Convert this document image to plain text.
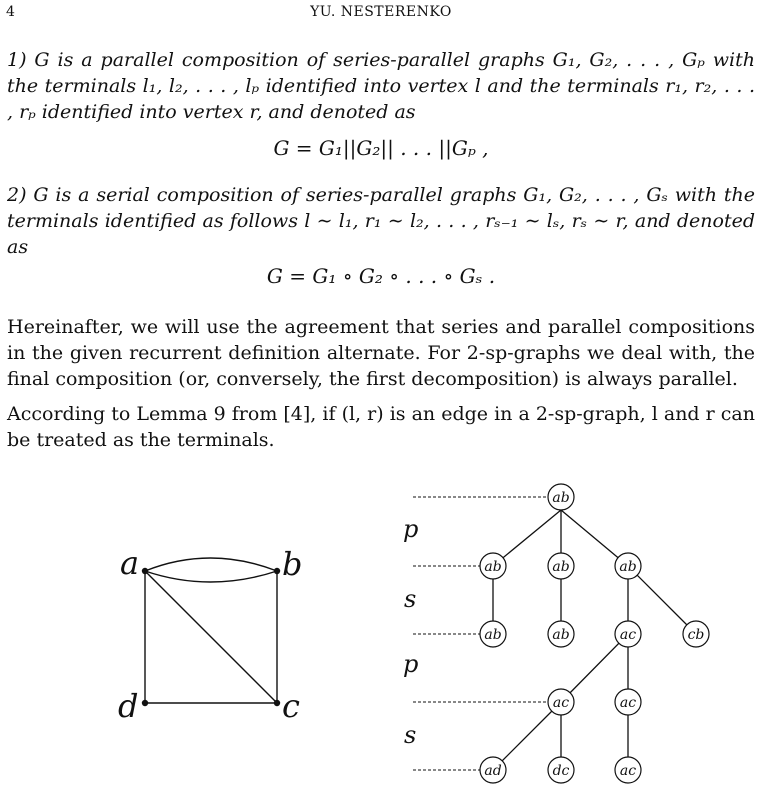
4	YU. NESTERENKO
1) G is a parallel composition of series-parallel graphs G₁, G₂, . . . , Gₚ with the terminals l₁, l₂, . . . , lₚ identified into vertex l and the terminals r₁, r₂, . . . , rₚ identified into vertex r, and denoted as
G = G₁||G₂|| . . . ||Gₚ ,
2) G is a serial composition of series-parallel graphs G₁, G₂, . . . , Gₛ with the terminals identified as follows l ∼ l₁, r₁ ∼ l₂, . . . , rₛ₋₁ ∼ lₛ, rₛ ∼ r, and denoted as
G = G₁ ∘ G₂ ∘ . . . ∘ Gₛ .
Hereinafter, we will use the agreement that series and parallel compositions in the given recurrent definition alternate. For 2-sp-graphs we deal with, the final composition (or, conversely, the first decomposition) is always parallel.
According to Lemma 9 from [4], if (l, r) is an edge in a 2-sp-graph, l and r can be treated as the terminals.
a	b
c
d
p
s
p
s
ab
ab	ab	ab
ab	ab	ac	cb
ac	ac
ad	dc	ac
